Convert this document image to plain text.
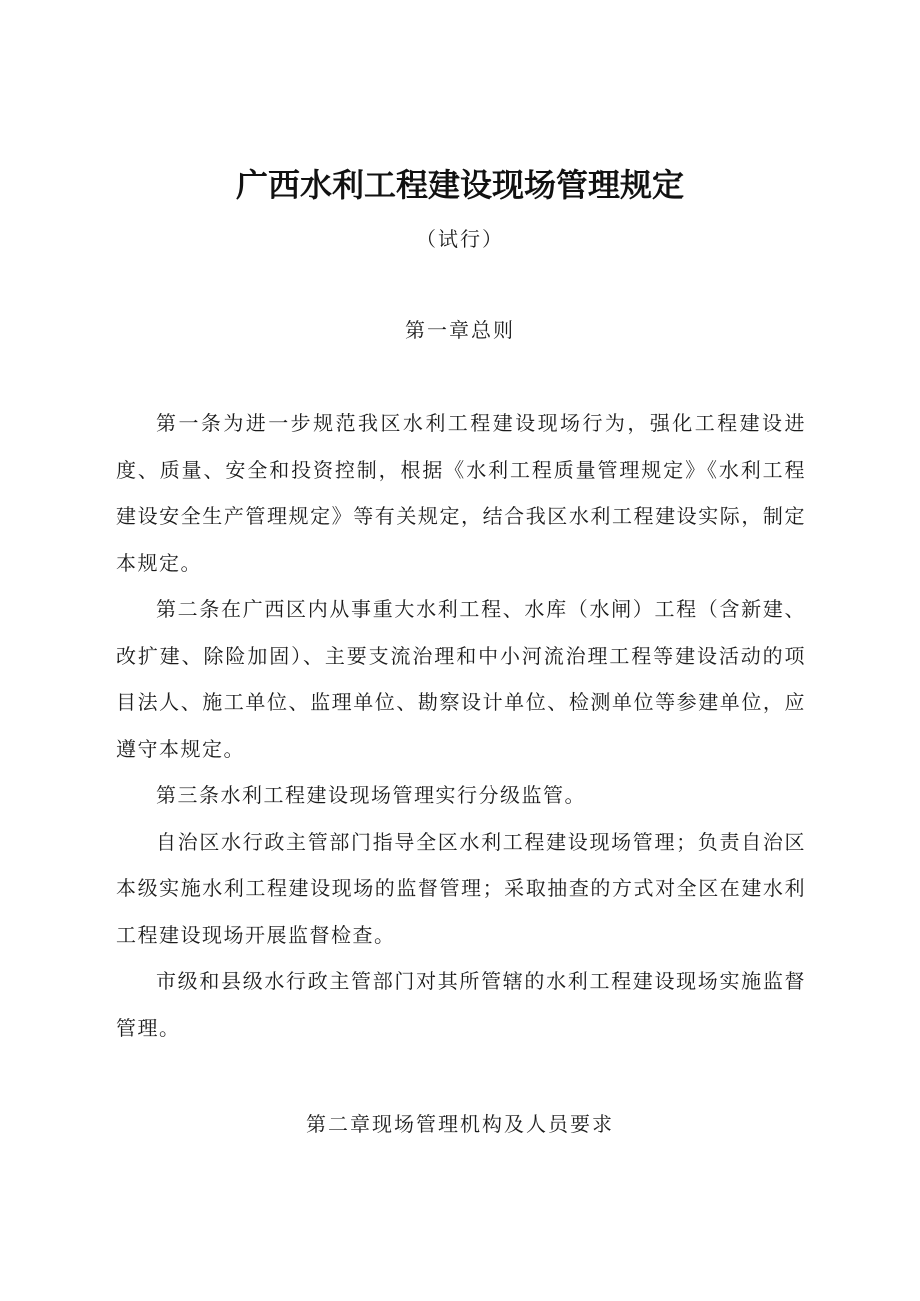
广西水利工程建设现场管理规定
（试行）
第一章总则

第一条为进一步规范我区水利工程建设现场行为，强化工程建设进度、质量、安全和投资控制，根据《水利工程质量管理规定》《水利工程建设安全生产管理规定》等有关规定，结合我区水利工程建设实际，制定本规定。

第二条在广西区内从事重大水利工程、水库（水闸）工程（含新建、改扩建、除险加固）、主要支流治理和中小河流治理工程等建设活动的项目法人、施工单位、监理单位、勘察设计单位、检测单位等参建单位，应遵守本规定。

第三条水利工程建设现场管理实行分级监管。

自治区水行政主管部门指导全区水利工程建设现场管理；负责自治区本级实施水利工程建设现场的监督管理；采取抽查的方式对全区在建水利工程建设现场开展监督检查。

市级和县级水行政主管部门对其所管辖的水利工程建设现场实施监督管理。

第二章现场管理机构及人员要求
